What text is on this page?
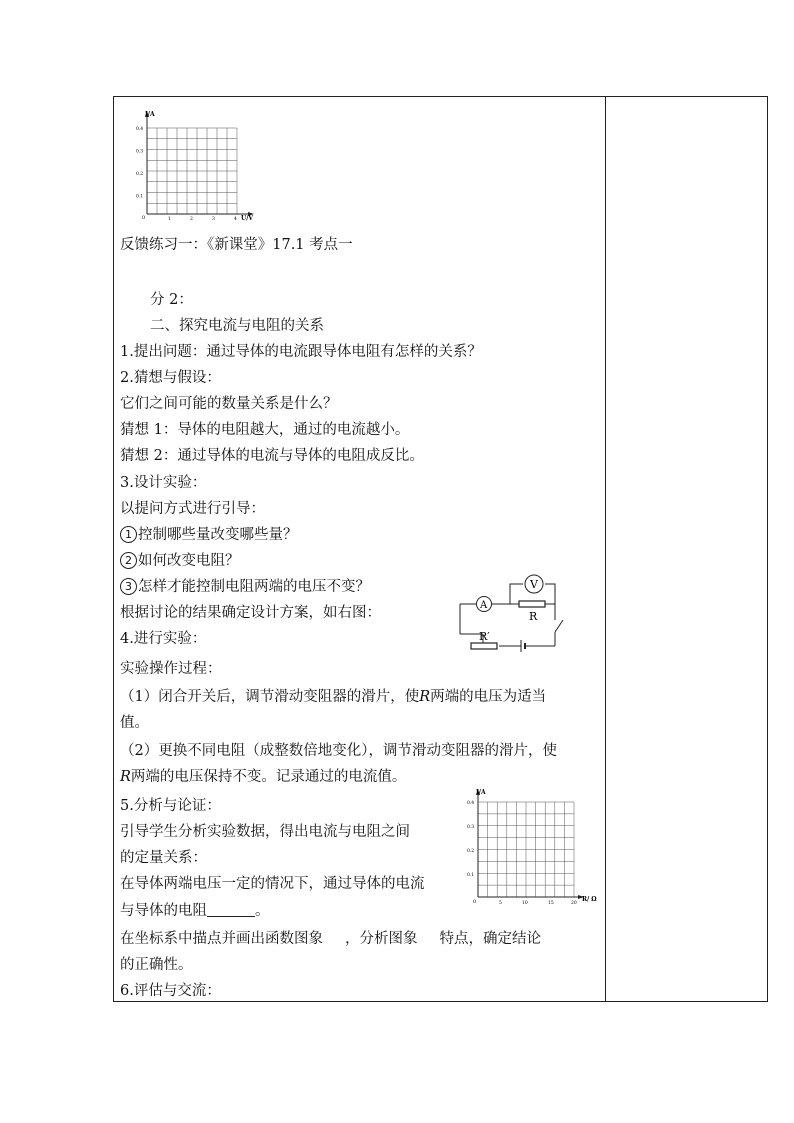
I/A
0
0.4
0.3
0.2
0.1
1	2	3	4 U/V
反馈练习一：《新课堂》17.1 考点一
分 2：
二、探究电流与电阻的关系
1.提出问题：通过导体的电流跟导体电阻有怎样的关系？
2.猜想与假设：
它们之间可能的数量关系是什么？
猜想 1：导体的电阻越大，通过的电流越小。
猜想 2：通过导体的电流与导体的电阻成反比。
3.设计实验：
以提问方式进行引导：
1 控制哪些量改变哪些量？
2 如何改变电阻？
3 怎样才能控制电阻两端的电压不变？
根据讨论的结果确定设计方案，如右图：
V
A
R
R′
4.进行实验：
实验操作过程：
（1）闭合开关后，调节滑动变阻器的滑片，使R两端的电压为适当
值。
（2）更换不同电阻（成整数倍地变化），调节滑动变阻器的滑片，使
R两端的电压保持不变。记录通过的电流值。
5.分析与论证：
引导学生分析实验数据，得出电流与电阻之间
的定量关系：
在导体两端电压一定的情况下，通过导体的电流
与导体的电阻	。
在坐标系中描点并画出函数图象 ，分析图象 特点，确定结论
的正确性。
6.评估与交流：
I/A
0
0.4
0.3
0.2
0.1
5	10	15	20
R/ Ω
